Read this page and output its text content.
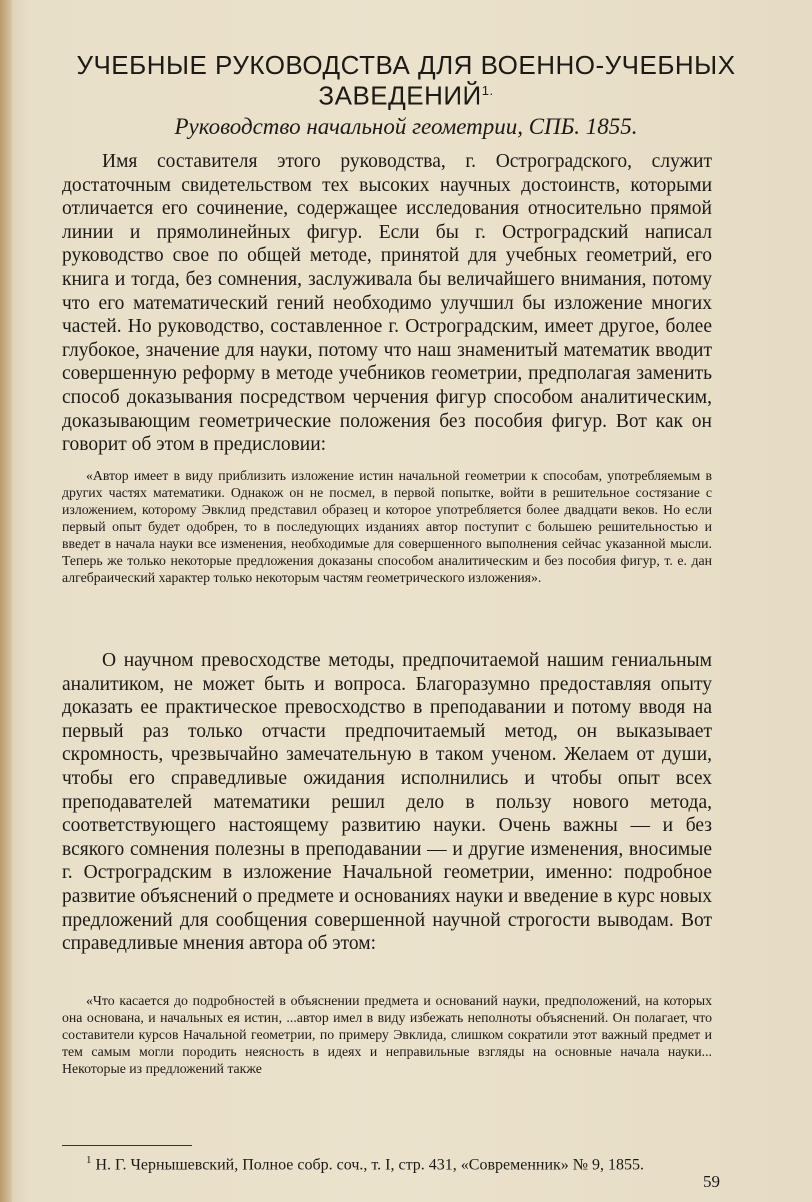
УЧЕБНЫЕ РУКОВОДСТВА ДЛЯ ВОЕННО-УЧЕБНЫХ $ЗАВЕДЕНИЙ^{1.}$
Руководство начальной геометрии, СПБ. 1855.

Имя составителя этого руководства, г. Остроградского, служит достаточным свидетельством тех высоких научных достоинств, которыми отличается его сочинение, содержащее исследования относительно прямой линии и прямолинейных фигур. Если бы г. Остроградский написал руководство свое по общей методе, принятой для учебных геометрий, его книга и тогда, без сомнения, заслуживала бы величайшего внимания, потому что его математический гений необходимо улучшил бы изложение многих частей. Но руководство, составленное г. Остроградским, имеет другое, более глубокое, значение для науки, потому что наш знаменитый математик вводит совершенную реформу в методе учебников геометрии, предполагая заменить способ доказывания посредством черчения фигур способом аналитическим, доказывающим геометрические положения без пособия фигур. Вот как он говорит об этом в предисловии:

«Автор имеет в виду приблизить изложение истин начальной геометрии к способам, употребляемым в других частях математики. Однакож он не посмел, в первой попытке, войти в решительное состязание с изложением, которому Эвклид представил образец и которое употребляется более двадцати веков. Но если первый опыт будет одобрен, то в последующих изданиях автор поступит с большею решительностью и введет в начала науки все изменения, необходимые для совершенного выполнения сейчас указанной мысли. Теперь же только некоторые предложения доказаны способом аналитическим и без пособия фигур, т. е. дан алгебраический характер только некоторым частям геометрического изложения».

О научном превосходстве методы, предпочитаемой нашим гениальным аналитиком, не может быть и вопроса. Благоразумно предоставляя опыту доказать ее практическое превосходство в преподавании и потому вводя на первый раз только отчасти предпочитаемый метод, он выказывает скромность, чрезвычайно замечательную в таком ученом. Желаем от души, чтобы его справедливые ожидания исполнились и чтобы опыт всех преподавателей математики решил дело в пользу нового метода, соответствующего настоящему развитию науки. Очень важны — и без всякого сомнения полезны в преподавании — и другие изменения, вносимые г. Остроградским в изложение Начальной геометрии, именно: подробное развитие объяснений о предмете и основаниях науки и введение в курс новых предложений для сообщения совершенной научной строгости выводам. Вот справедливые мнения автора об этом:

«Что касается до подробностей в объяснении предмета и оснований науки, предположений, на которых она основана, и начальных ея истин, ...автор имел в виду избежать неполноты объяснений. Он полагает, что составители курсов Начальной геометрии, по примеру Эвклида, слишком сократили этот важный предмет и тем самым могли породить неясность в идеях и неправильные взгляды на основные начала науки... Некоторые из предложений также

$^1$ Н. Г. Чернышевский, Полное собр. соч., т. I, стр. 431, «Современник» № 9, 1855.
59
